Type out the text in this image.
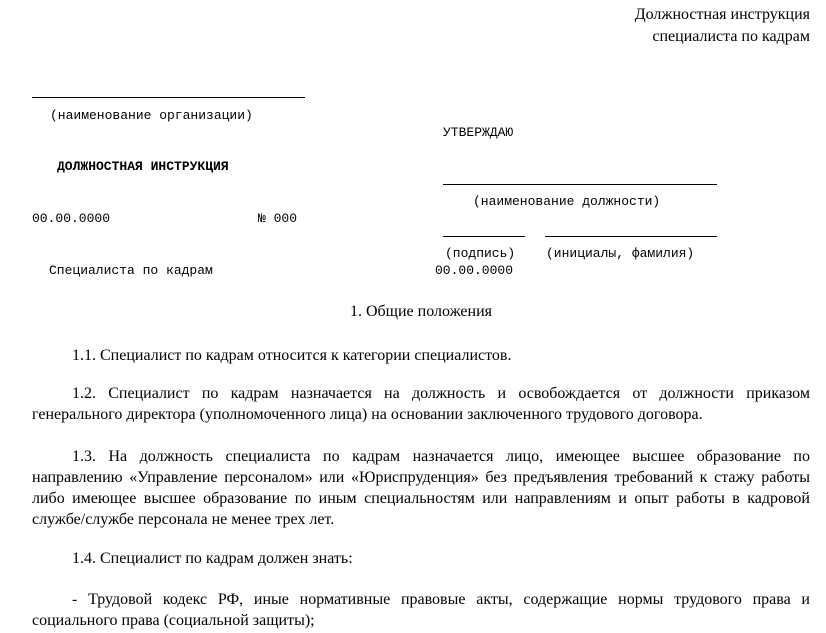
Должностная инструкция
специалиста по кадрам
(наименование организации)
ДОЛЖНОСТНАЯ ИНСТРУКЦИЯ
00.00.0000	№ 000
Специалиста по кадрам
УТВЕРЖДАЮ
(наименование должности)
(подпись) (инициалы, фамилия)
00.00.0000
1. Общие положения
1.1. Специалист по кадрам относится к категории специалистов.
1.2. Специалист по кадрам назначается на должность и освобождается от должности приказом генерального директора (уполномоченного лица) на основании заключенного трудового договора.
1.3. На должность специалиста по кадрам назначается лицо, имеющее высшее образование по направлению «Управление персоналом» или «Юриспруденция» без предъявления требований к стажу работы либо имеющее высшее образование по иным специальностям или направлениям и опыт работы в кадровой службе/службе персонала не менее трех лет.
1.4. Специалист по кадрам должен знать:
- Трудовой кодекс РФ, иные нормативные правовые акты, содержащие нормы трудового права и социального права (социальной защиты);
